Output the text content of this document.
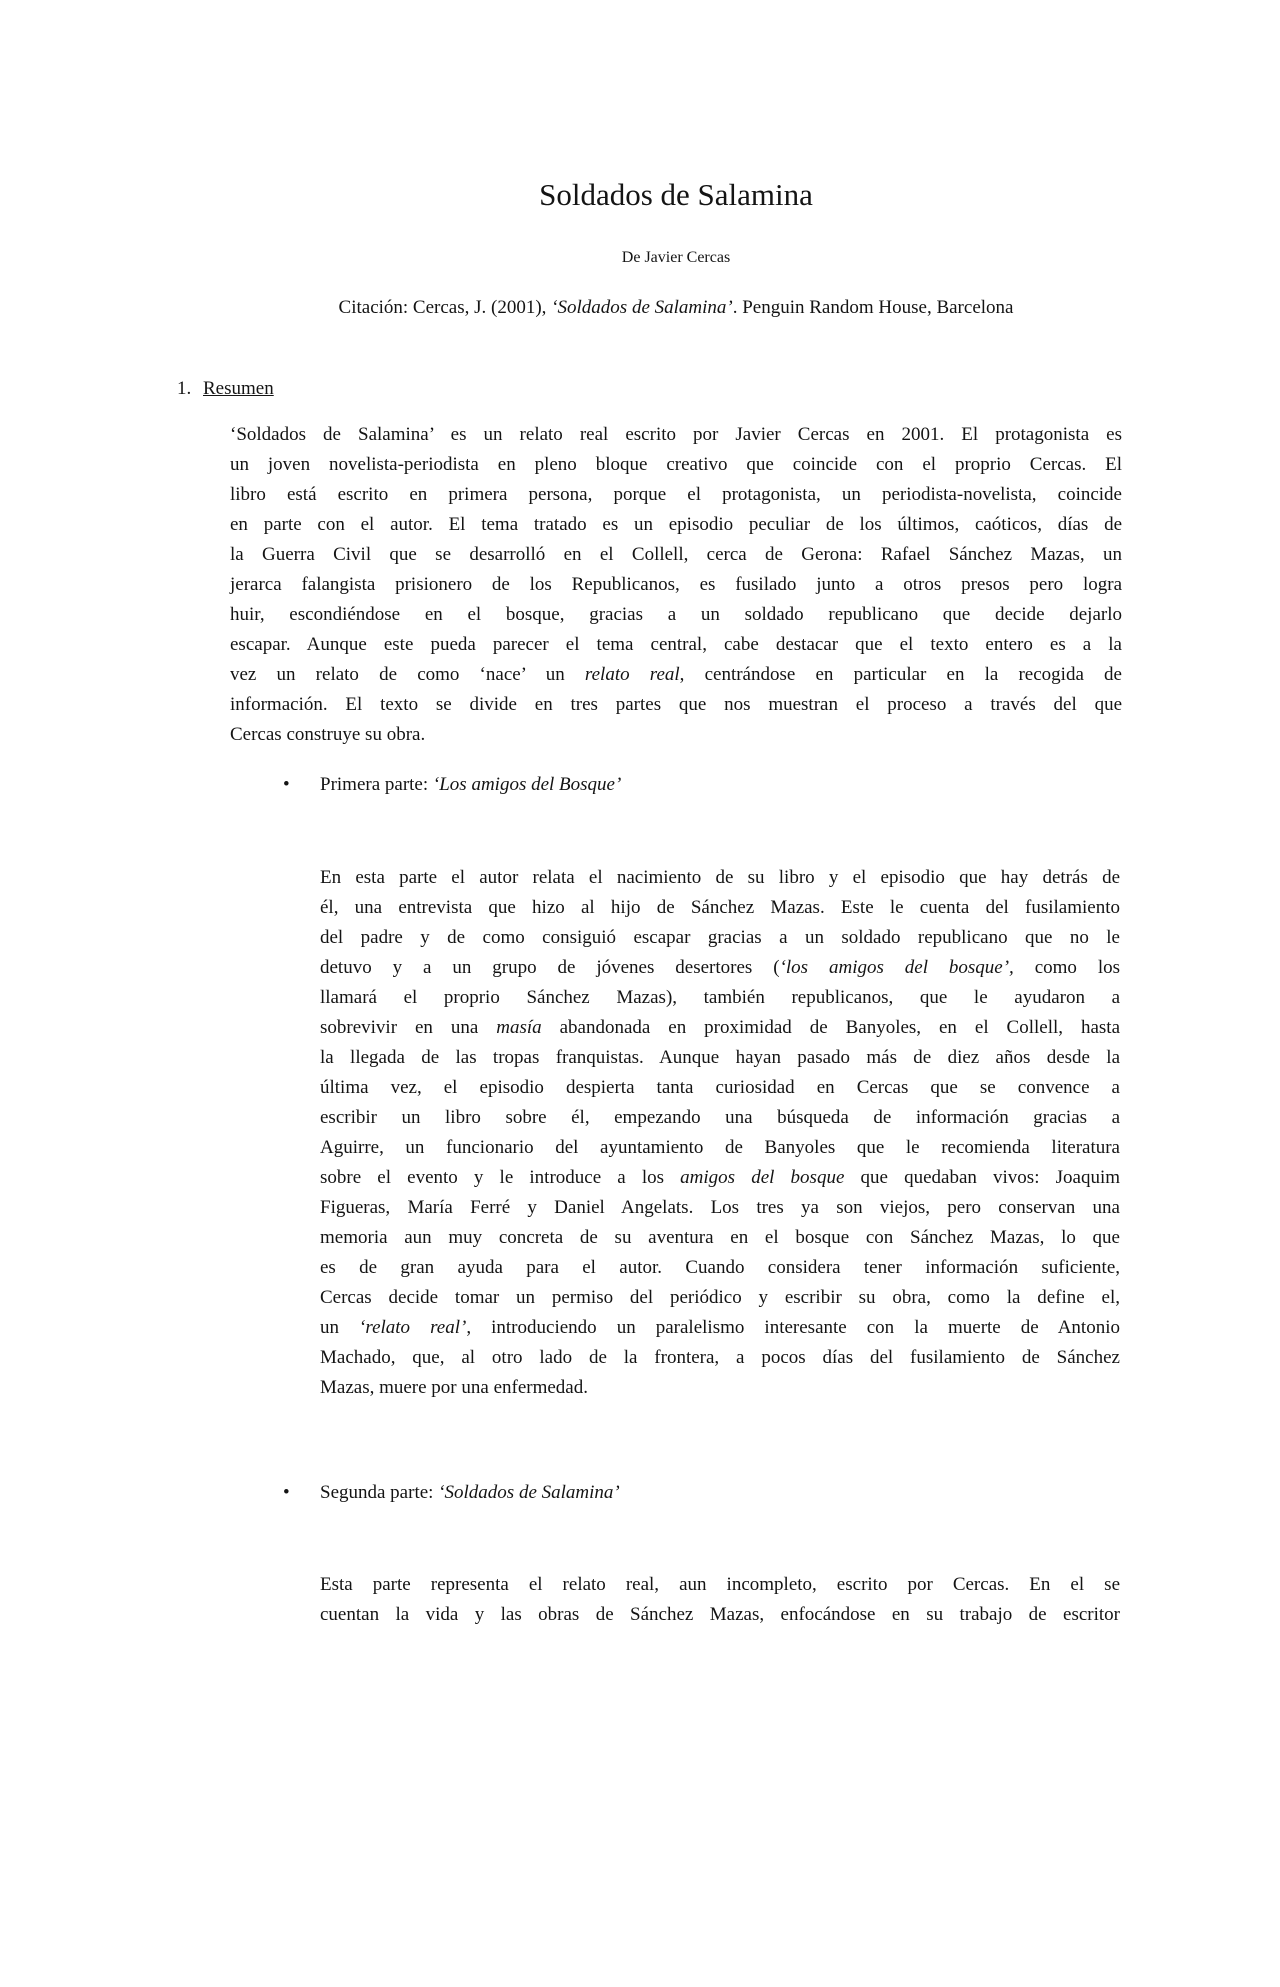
Soldados de Salamina
De Javier Cercas
Citación: Cercas, J. (2001), ‘Soldados de Salamina’. Penguin Random House, Barcelona
1. Resumen
‘Soldados de Salamina’ es un relato real escrito por Javier Cercas en 2001. El protagonista es
un joven novelista-periodista en pleno bloque creativo que coincide con el proprio Cercas. El
libro está escrito en primera persona, porque el protagonista, un periodista-novelista, coincide
en parte con el autor. El tema tratado es un episodio peculiar de los últimos, caóticos, días de
la Guerra Civil que se desarrolló en el Collell, cerca de Gerona: Rafael Sánchez Mazas, un
jerarca falangista prisionero de los Republicanos, es fusilado junto a otros presos pero logra
huir, escondiéndose en el bosque, gracias a un soldado republicano que decide dejarlo
escapar. Aunque este pueda parecer el tema central, cabe destacar que el texto entero es a la
vez un relato de como ‘nace’ un relato real, centrándose en particular en la recogida de
información. El texto se divide en tres partes que nos muestran el proceso a través del que
Cercas construye su obra.
• Primera parte: ‘Los amigos del Bosque’
En esta parte el autor relata el nacimiento de su libro y el episodio que hay detrás de
él, una entrevista que hizo al hijo de Sánchez Mazas. Este le cuenta del fusilamiento
del padre y de como consiguió escapar gracias a un soldado republicano que no le
detuvo y a un grupo de jóvenes desertores (‘los amigos del bosque’, como los
llamará el proprio Sánchez Mazas), también republicanos, que le ayudaron a
sobrevivir en una masía abandonada en proximidad de Banyoles, en el Collell, hasta
la llegada de las tropas franquistas. Aunque hayan pasado más de diez años desde la
última vez, el episodio despierta tanta curiosidad en Cercas que se convence a
escribir un libro sobre él, empezando una búsqueda de información gracias a
Aguirre, un funcionario del ayuntamiento de Banyoles que le recomienda literatura
sobre el evento y le introduce a los amigos del bosque que quedaban vivos: Joaquim
Figueras, María Ferré y Daniel Angelats. Los tres ya son viejos, pero conservan una
memoria aun muy concreta de su aventura en el bosque con Sánchez Mazas, lo que
es de gran ayuda para el autor. Cuando considera tener información suficiente,
Cercas decide tomar un permiso del periódico y escribir su obra, como la define el,
un ‘relato real’, introduciendo un paralelismo interesante con la muerte de Antonio
Machado, que, al otro lado de la frontera, a pocos días del fusilamiento de Sánchez
Mazas, muere por una enfermedad.
• Segunda parte: ‘Soldados de Salamina’
Esta parte representa el relato real, aun incompleto, escrito por Cercas. En el se
cuentan la vida y las obras de Sánchez Mazas, enfocándose en su trabajo de escritor
